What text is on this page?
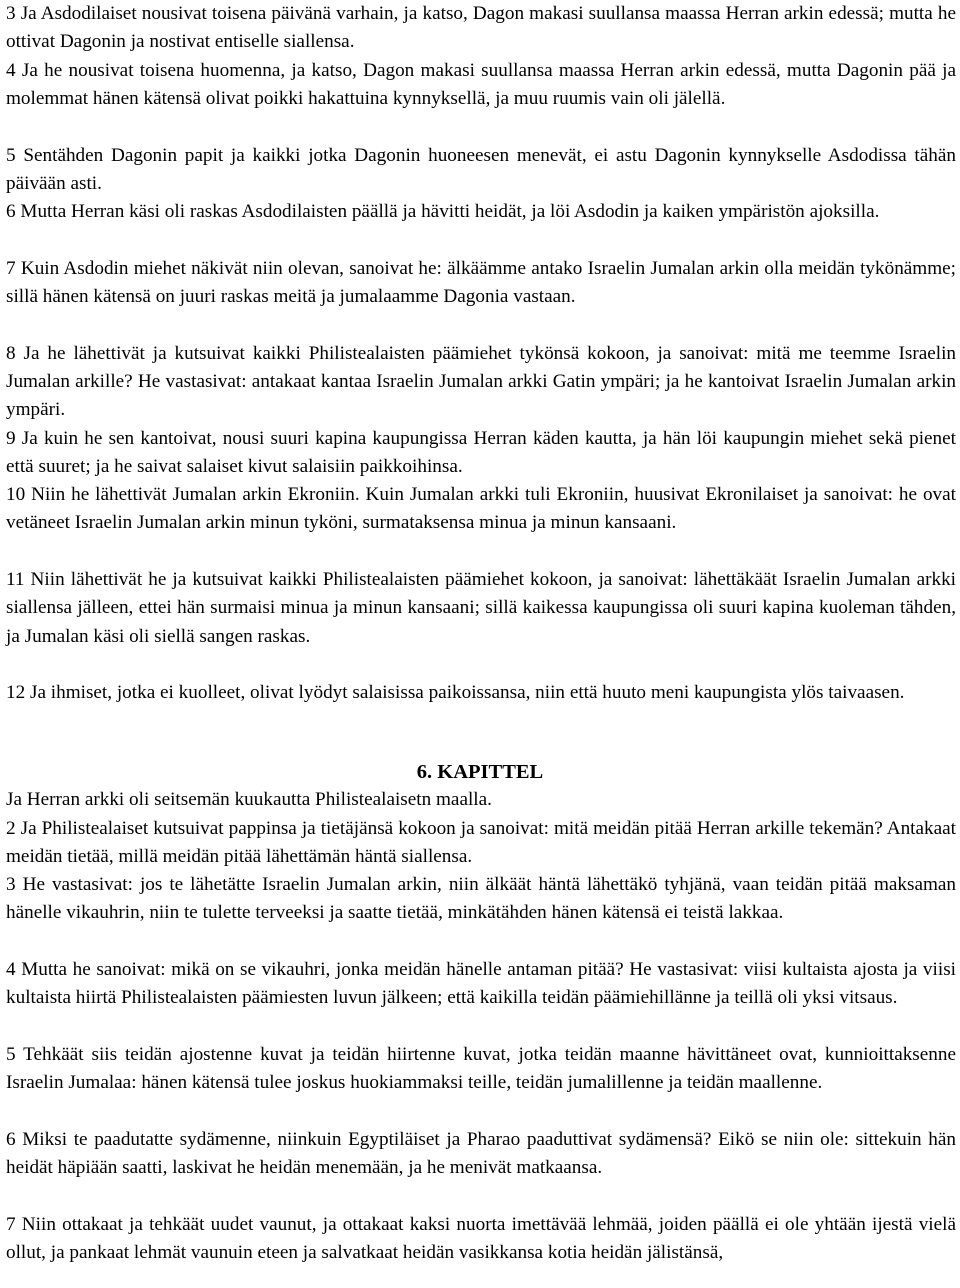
3 Ja Asdodilaiset nousivat toisena päivänä varhain, ja katso, Dagon makasi suullansa maassa Herran arkin edessä; mutta he ottivat Dagonin ja nostivat entiselle siallensa.

4 Ja he nousivat toisena huomenna, ja katso, Dagon makasi suullansa maassa Herran arkin edessä, mutta Dagonin pää ja molemmat hänen kätensä olivat poikki hakattuina kynnyksellä, ja muu ruumis vain oli jälellä.

5 Sentähden Dagonin papit ja kaikki jotka Dagonin huoneesen menevät, ei astu Dagonin kynnykselle Asdodissa tähän päivään asti.

6 Mutta Herran käsi oli raskas Asdodilaisten päällä ja hävitti heidät, ja löi Asdodin ja kaiken ympäristön ajoksilla.

7 Kuin Asdodin miehet näkivät niin olevan, sanoivat he: älkäämme antako Israelin Jumalan arkin olla meidän tykönämme; sillä hänen kätensä on juuri raskas meitä ja jumalaamme Dagonia vastaan.

8 Ja he lähettivät ja kutsuivat kaikki Philistealaisten päämiehet tykönsä kokoon, ja sanoivat: mitä me teemme Israelin Jumalan arkille? He vastasivat: antakaat kantaa Israelin Jumalan arkki Gatin ympäri; ja he kantoivat Israelin Jumalan arkin ympäri.

9 Ja kuin he sen kantoivat, nousi suuri kapina kaupungissa Herran käden kautta, ja hän löi kaupungin miehet sekä pienet että suuret; ja he saivat salaiset kivut salaisiin paikkoihinsa.

10 Niin he lähettivät Jumalan arkin Ekroniin. Kuin Jumalan arkki tuli Ekroniin, huusivat Ekronilaiset ja sanoivat: he ovat vetäneet Israelin Jumalan arkin minun tyköni, surmataksensa minua ja minun kansaani.

11 Niin lähettivät he ja kutsuivat kaikki Philistealaisten päämiehet kokoon, ja sanoivat: lähettäkäät Israelin Jumalan arkki siallensa jälleen, ettei hän surmaisi minua ja minun kansaani; sillä kaikessa kaupungissa oli suuri kapina kuoleman tähden, ja Jumalan käsi oli siellä sangen raskas.

12 Ja ihmiset, jotka ei kuolleet, olivat lyödyt salaisissa paikoissansa, niin että huuto meni kaupungista ylös taivaasen.

6. KAPITTEL

Ja Herran arkki oli seitsemän kuukautta Philistealaisetn maalla.

2 Ja Philistealaiset kutsuivat pappinsa ja tietäjänsä kokoon ja sanoivat: mitä meidän pitää Herran arkille tekemän? Antakaat meidän tietää, millä meidän pitää lähettämän häntä siallensa.

3 He vastasivat: jos te lähetätte Israelin Jumalan arkin, niin älkäät häntä lähettäkö tyhjänä, vaan teidän pitää maksaman hänelle vikauhrin, niin te tulette terveeksi ja saatte tietää, minkätähden hänen kätensä ei teistä lakkaa.

4 Mutta he sanoivat: mikä on se vikauhri, jonka meidän hänelle antaman pitää? He vastasivat: viisi kultaista ajosta ja viisi kultaista hiirtä Philistealaisten päämiesten luvun jälkeen; että kaikilla teidän päämiehillänne ja teillä oli yksi vitsaus.

5 Tehkäät siis teidän ajostenne kuvat ja teidän hiirtenne kuvat, jotka teidän maanne hävittäneet ovat, kunnioittaksenne Israelin Jumalaa: hänen kätensä tulee joskus huokiammaksi teille, teidän jumalillenne ja teidän maallenne.

6 Miksi te paadutatte sydämenne, niinkuin Egyptiläiset ja Pharao paaduttivat sydämensä? Eikö se niin ole: sittekuin hän heidät häpiään saatti, laskivat he heidän menemään, ja he menivät matkaansa.

7 Niin ottakaat ja tehkäät uudet vaunut, ja ottakaat kaksi nuorta imettävää lehmää, joiden päällä ei ole yhtään ijestä vielä ollut, ja pankaat lehmät vaunuin eteen ja salvatkaat heidän vasikkansa kotia heidän jälistänsä,
